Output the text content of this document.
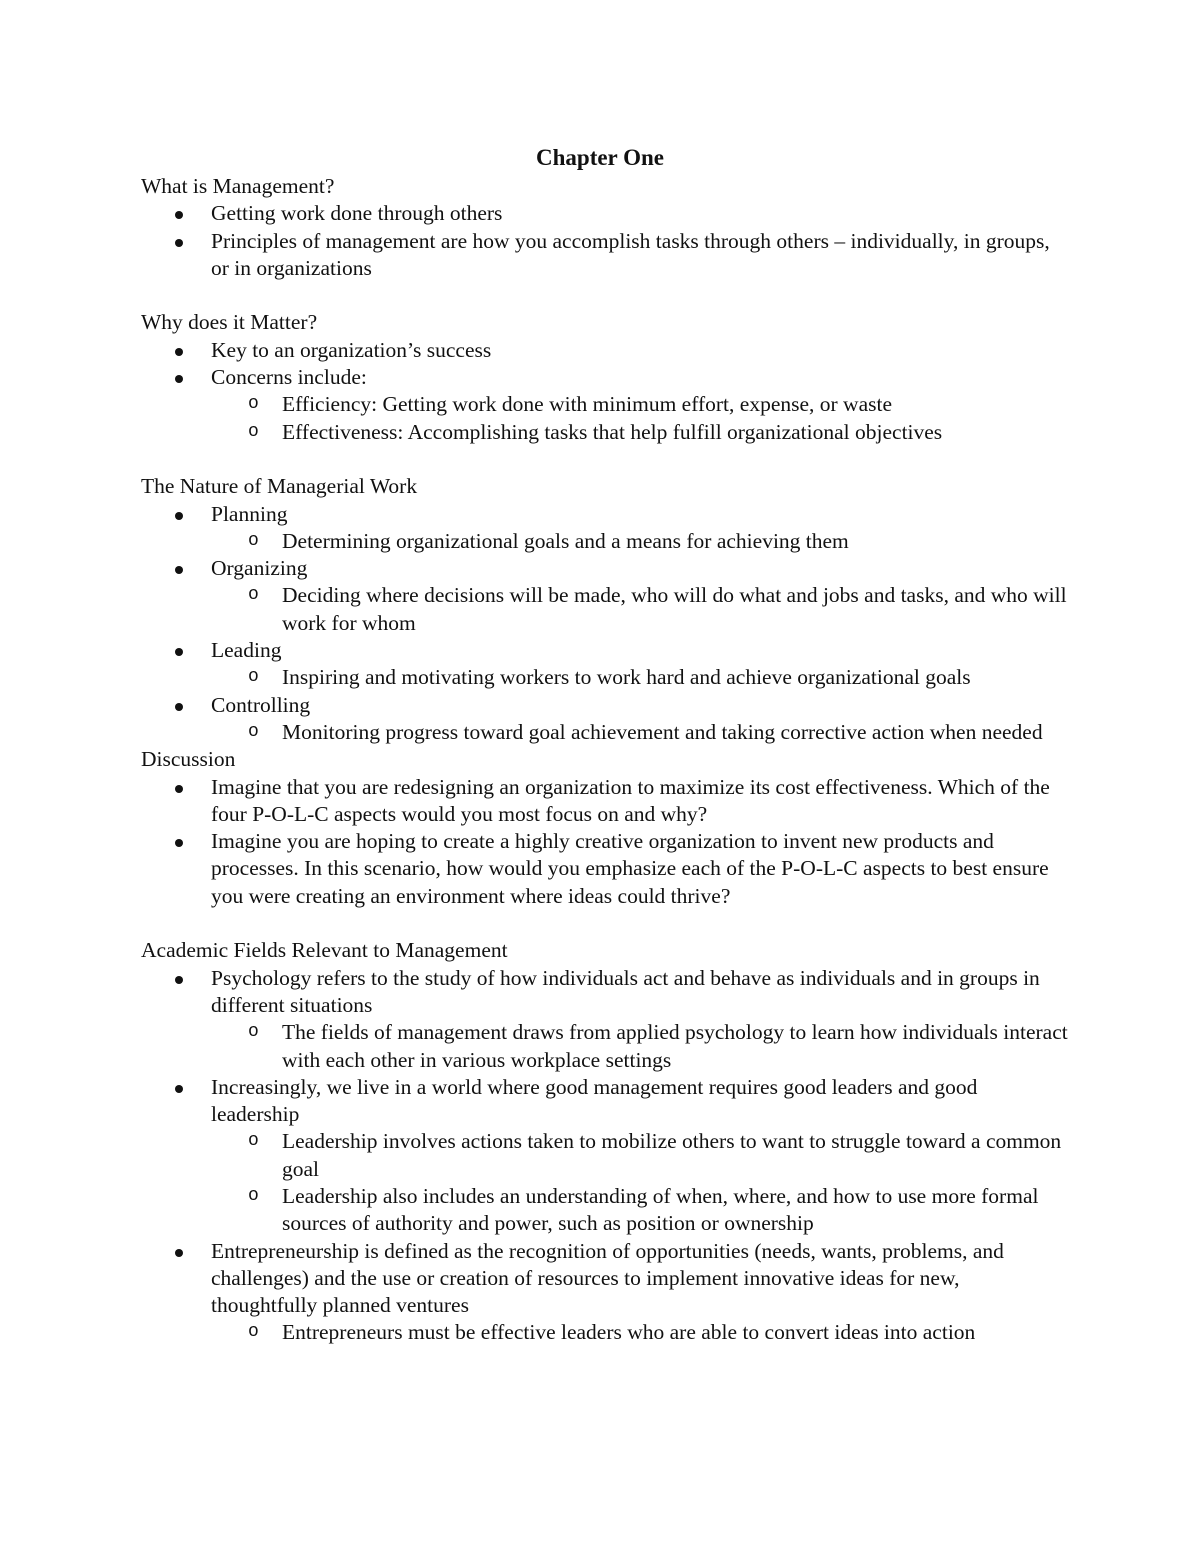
Chapter One
What is Management?
Getting work done through others
Principles of management are how you accomplish tasks through others – individually, in groups, or in organizations
Why does it Matter?
Key to an organization’s success
Concerns include:
o Efficiency: Getting work done with minimum effort, expense, or waste
o Effectiveness: Accomplishing tasks that help fulfill organizational objectives
The Nature of Managerial Work
Planning
o Determining organizational goals and a means for achieving them
Organizing
o Deciding where decisions will be made, who will do what and jobs and tasks, and who will work for whom
Leading
o Inspiring and motivating workers to work hard and achieve organizational goals
Controlling
o Monitoring progress toward goal achievement and taking corrective action when needed
Discussion
Imagine that you are redesigning an organization to maximize its cost effectiveness. Which of the four P-O-L-C aspects would you most focus on and why?
Imagine you are hoping to create a highly creative organization to invent new products and processes. In this scenario, how would you emphasize each of the P-O-L-C aspects to best ensure you were creating an environment where ideas could thrive?
Academic Fields Relevant to Management
Psychology refers to the study of how individuals act and behave as individuals and in groups in different situations
o The fields of management draws from applied psychology to learn how individuals interact with each other in various workplace settings
Increasingly, we live in a world where good management requires good leaders and good leadership
o Leadership involves actions taken to mobilize others to want to struggle toward a common goal
o Leadership also includes an understanding of when, where, and how to use more formal sources of authority and power, such as position or ownership
Entrepreneurship is defined as the recognition of opportunities (needs, wants, problems, and challenges) and the use or creation of resources to implement innovative ideas for new, thoughtfully planned ventures
o Entrepreneurs must be effective leaders who are able to convert ideas into action
